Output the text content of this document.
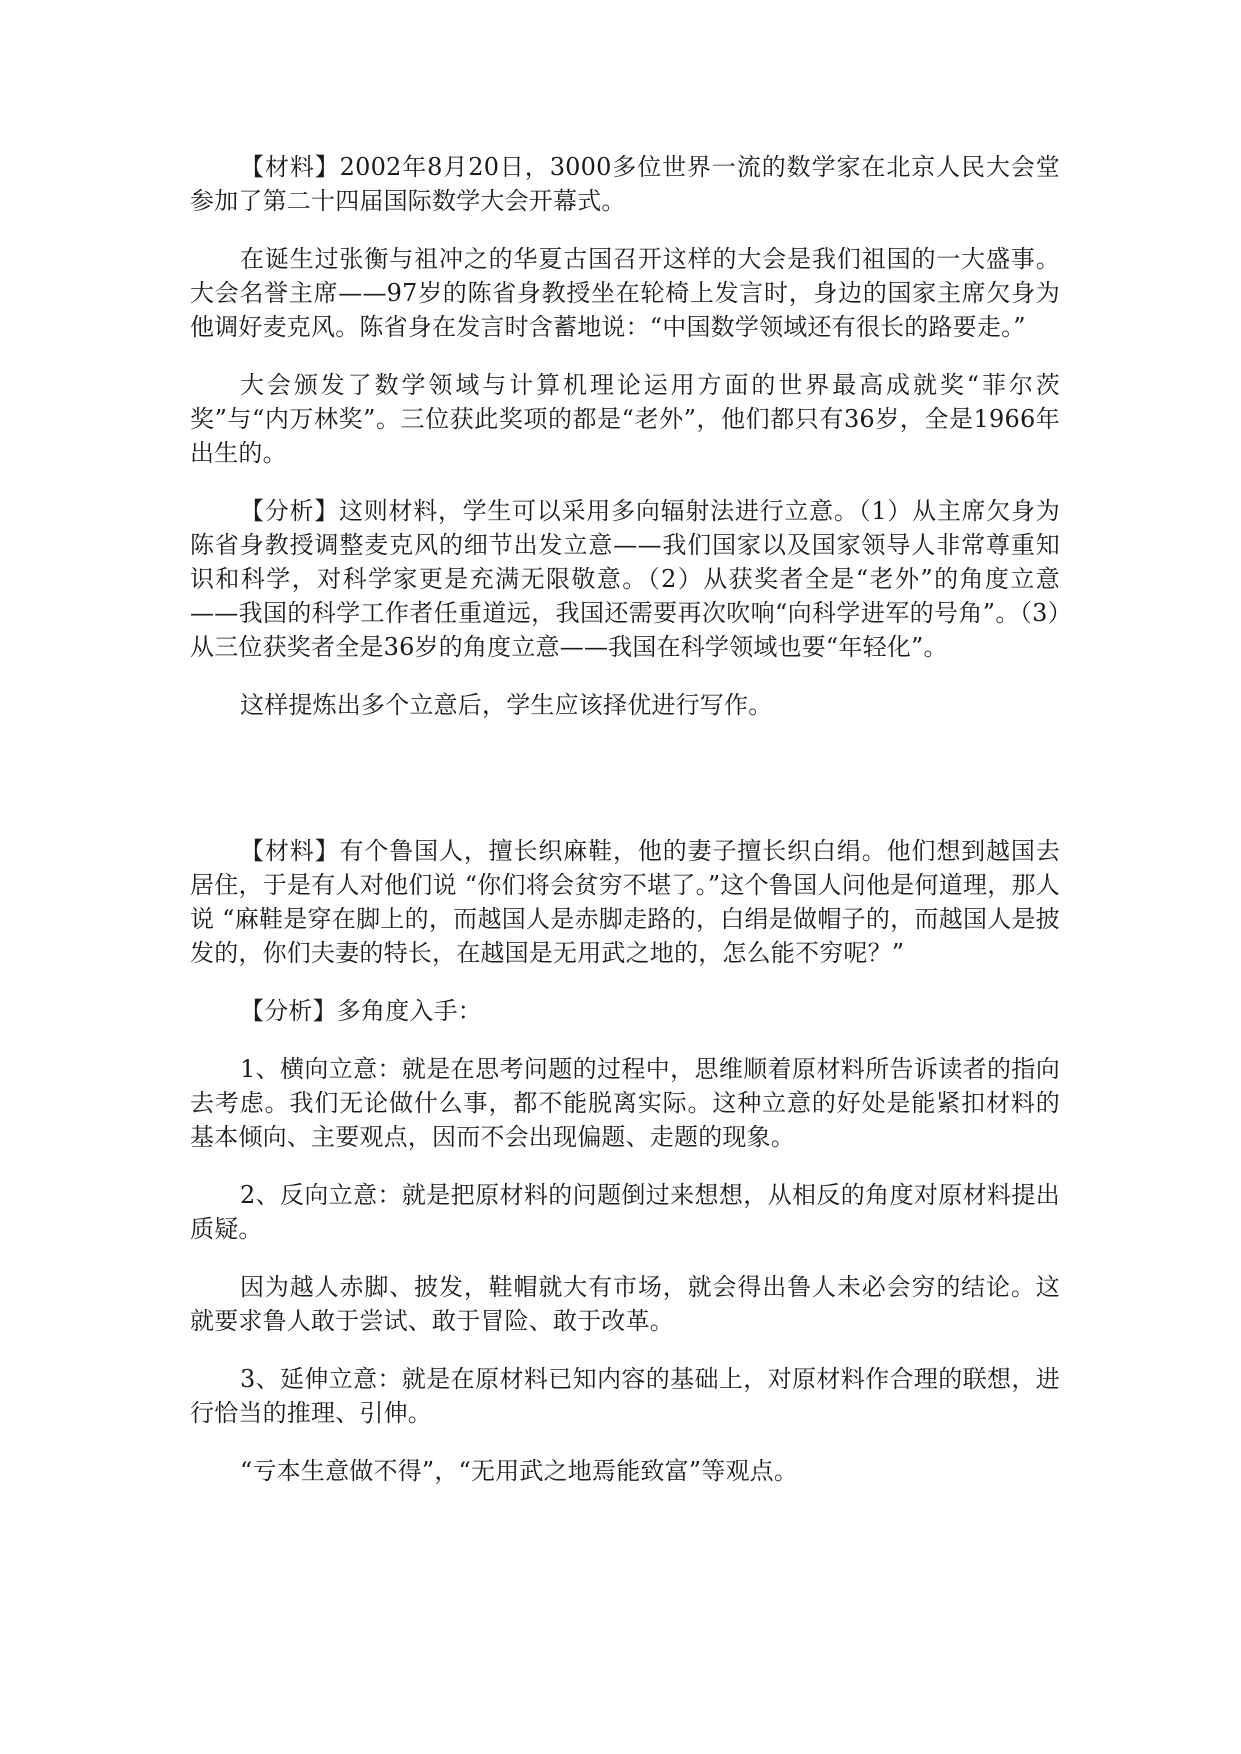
【材料】2002年8月20日，3000多位世界一流的数学家在北京人民大会堂参加了第二十四届国际数学大会开幕式。

在诞生过张衡与祖冲之的华夏古国召开这样的大会是我们祖国的一大盛事。大会名誉主席——97岁的陈省身教授坐在轮椅上发言时，身边的国家主席欠身为他调好麦克风。陈省身在发言时含蓄地说：“中国数学领域还有很长的路要走。”

大会颁发了数学领域与计算机理论运用方面的世界最高成就奖“菲尔茨奖”与“内万林奖”。三位获此奖项的都是“老外”，他们都只有36岁，全是1966年出生的。

【分析】这则材料，学生可以采用多向辐射法进行立意。（1）从主席欠身为陈省身教授调整麦克风的细节出发立意——我们国家以及国家领导人非常尊重知识和科学，对科学家更是充满无限敬意。（2）从获奖者全是“老外”的角度立意——我国的科学工作者任重道远，我国还需要再次吹响“向科学进军的号角”。（3）从三位获奖者全是36岁的角度立意——我国在科学领域也要“年轻化”。

这样提炼出多个立意后，学生应该择优进行写作。

【材料】有个鲁国人，擅长织麻鞋，他的妻子擅长织白绢。他们想到越国去居住，于是有人对他们说 “你们将会贫穷不堪了。”这个鲁国人问他是何道理，那人说 “麻鞋是穿在脚上的，而越国人是赤脚走路的，白绢是做帽子的，而越国人是披发的，你们夫妻的特长，在越国是无用武之地的，怎么能不穷呢？”

【分析】多角度入手：

1、横向立意：就是在思考问题的过程中，思维顺着原材料所告诉读者的指向去考虑。我们无论做什么事，都不能脱离实际。这种立意的好处是能紧扣材料的基本倾向、主要观点，因而不会出现偏题、走题的现象。

2、反向立意：就是把原材料的问题倒过来想想，从相反的角度对原材料提出质疑。

因为越人赤脚、披发，鞋帽就大有市场，就会得出鲁人未必会穷的结论。这就要求鲁人敢于尝试、敢于冒险、敢于改革。

3、延伸立意：就是在原材料已知内容的基础上，对原材料作合理的联想，进行恰当的推理、引伸。

“亏本生意做不得”，“无用武之地焉能致富”等观点。
